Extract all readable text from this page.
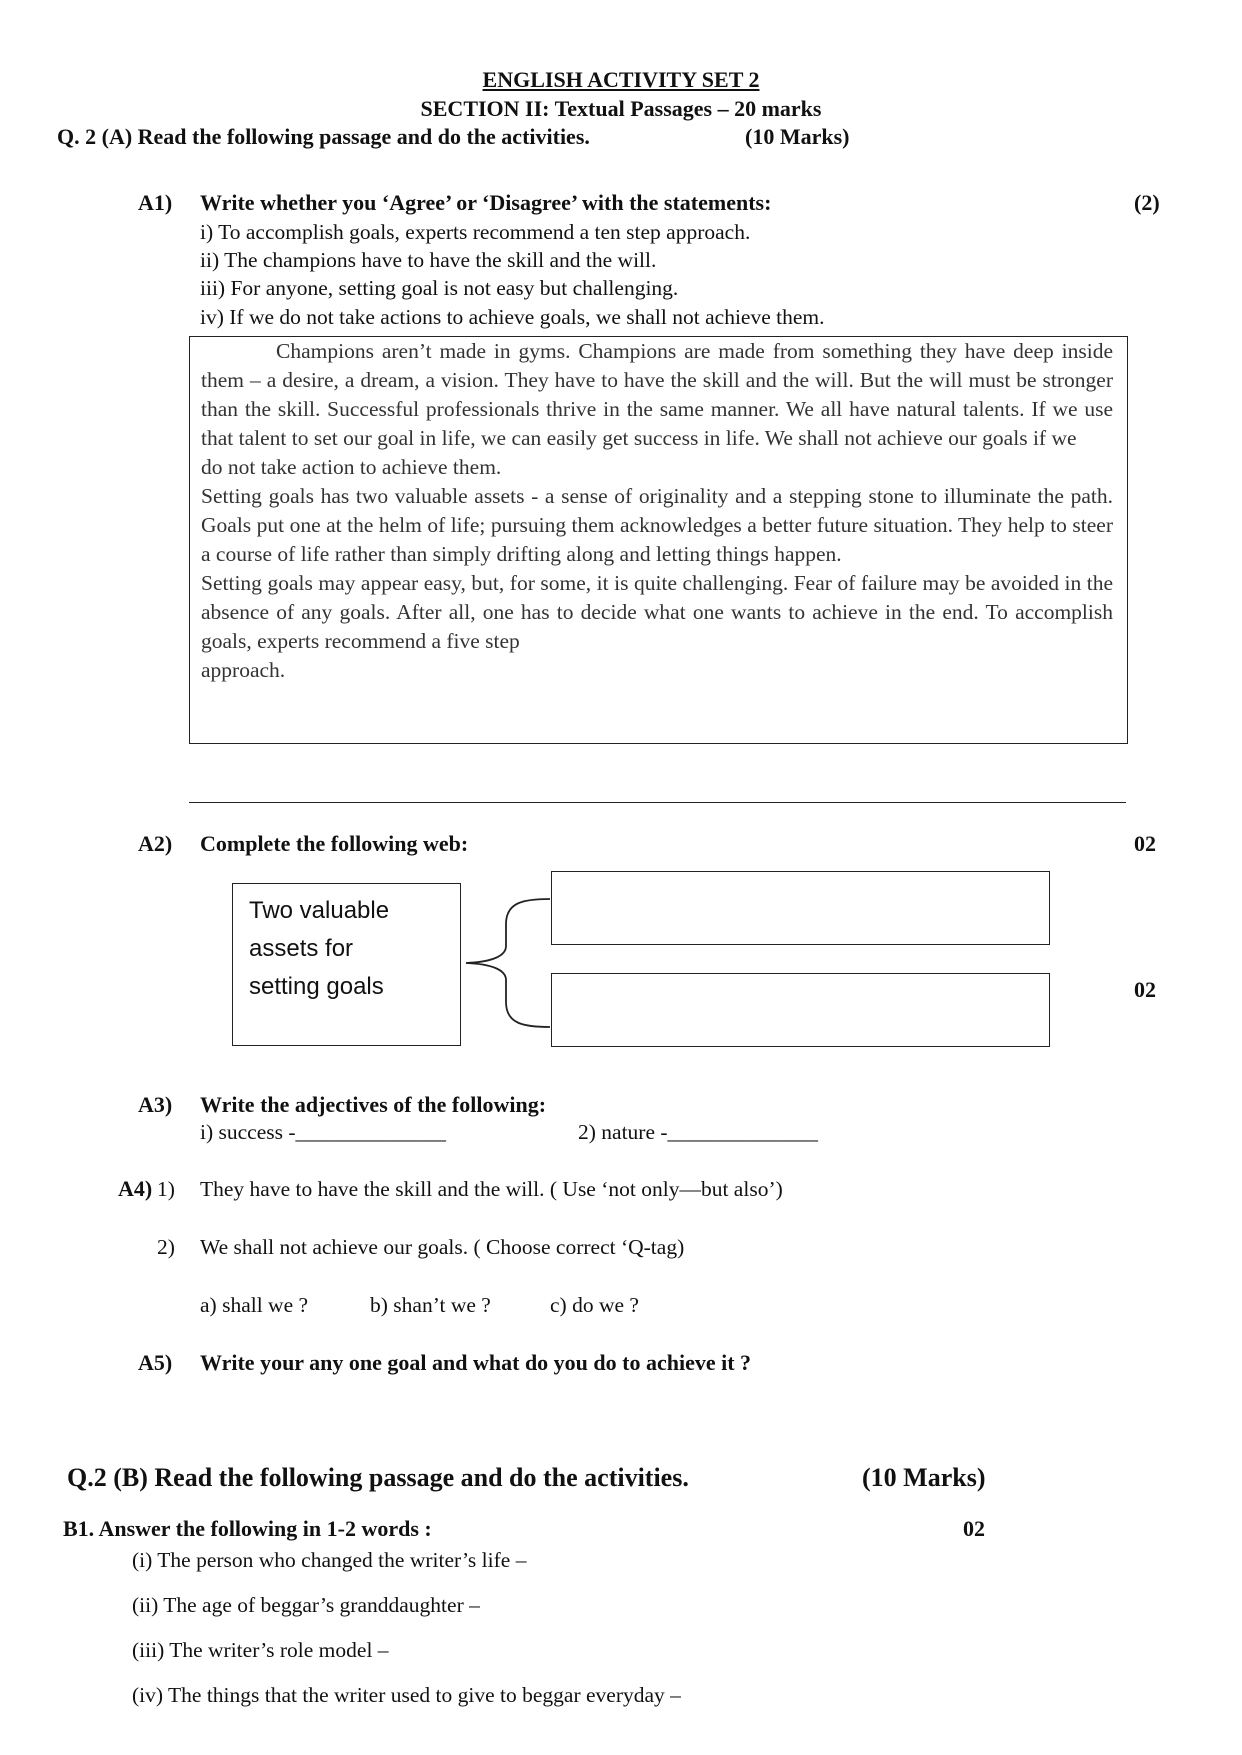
ENGLISH ACTIVITY SET 2
SECTION II: Textual Passages – 20 marks
Q. 2 (A) Read the following passage and do the activities.	(10 Marks)
A1) Write whether you ‘Agree’ or ‘Disagree’ with the statements:	(2)
i) To accomplish goals, experts recommend a ten step approach.
ii) The champions have to have the skill and the will.
iii) For anyone, setting goal is not easy but challenging.
iv) If we do not take actions to achieve goals, we shall not achieve them.

Champions aren’t made in gyms. Champions are made from something they have deep inside them – a desire, a dream, a vision. They have to have the skill and the will. But the will must be stronger than the skill. Successful professionals thrive in the same manner. We all have natural talents. If we use that talent to set our goal in life, we can easily get success in life. We shall not achieve our goals if we

do not take action to achieve them.

Setting goals has two valuable assets - a sense of originality and a stepping stone to illuminate the path. Goals put one at the helm of life; pursuing them acknowledges a better future situation. They help to steer a course of life rather than simply drifting along and letting things happen.

Setting goals may appear easy, but, for some, it is quite challenging. Fear of failure may be avoided in the absence of any goals. After all, one has to decide what one wants to achieve in the end. To accomplish goals, experts recommend a five step

approach.

A2) Complete the following web:	02
02
Two valuable
assets for
setting goals
A3) Write the adjectives of the following:
i) success -______________	2) nature -______________
A4) 1) They have to have the skill and the will. ( Use ‘not only—but also’)
2) We shall not achieve our goals. ( Choose correct ‘Q-tag)
a) shall we ?	b) shan’t we ?	c) do we ?
A5) Write your any one goal and what do you do to achieve it ?
Q.2 (B) Read the following passage and do the activities.	(10 Marks)
B1. Answer the following in 1-2 words :	02
(i) The person who changed the writer’s life –
(ii) The age of beggar’s granddaughter –
(iii) The writer’s role model –
(iv) The things that the writer used to give to beggar everyday –
